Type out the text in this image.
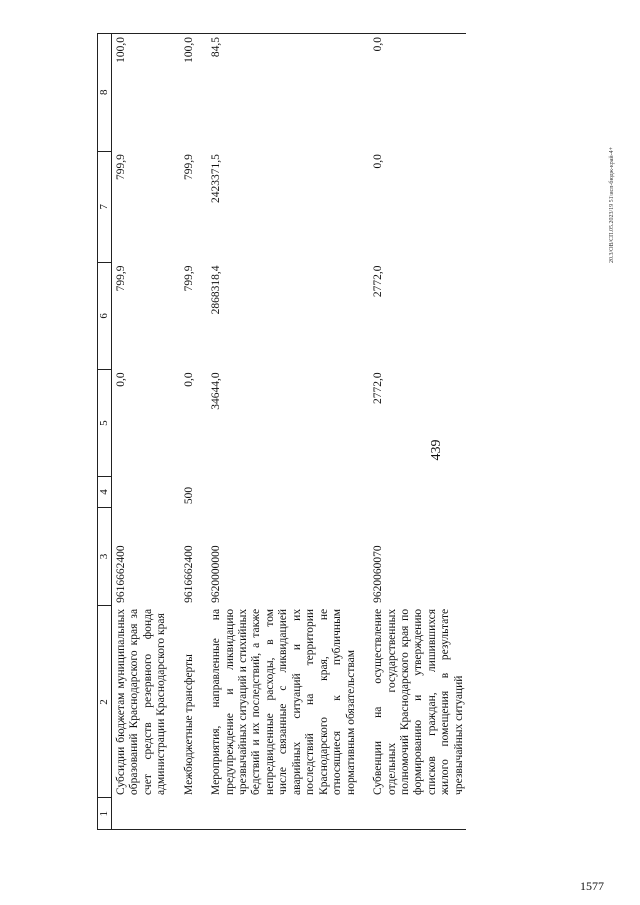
439
20.3/ОВ/СП.05.2023/19 51\исп-бюдж-край-4+
1577
1	2	3	4	5	6	7	8
	Субсидии бюджетам муниципальных образований Краснодарского края за счет средств резервного фонда администрации Краснодарского края	9616662400		0,0	799,9	799,9	100,0

	Межбюджетные трансферты	9616662400	500	0,0	799,9	799,9	100,0

	Мероприятия, направленные на предупреждение и ликвидацию чрезвычайных ситуаций и стихийных бедствий и их последствий, а также непредвиденные расходы, в том числе связанные с ликвидацией аварийных ситуаций и их последствий на территории Краснодарского края, не относящиеся к публичным нормативным обязательствам	9620000000		34644,0	2868318,4	2423371,5	84,5

	Субвенции на осуществление отдельных государственных полномочий Краснодарского края по формированию и утверждению списков граждан, лишившихся жилого помещения в результате чрезвычайных ситуаций	9620060070		2772,0	2772,0	0,0	0,0
